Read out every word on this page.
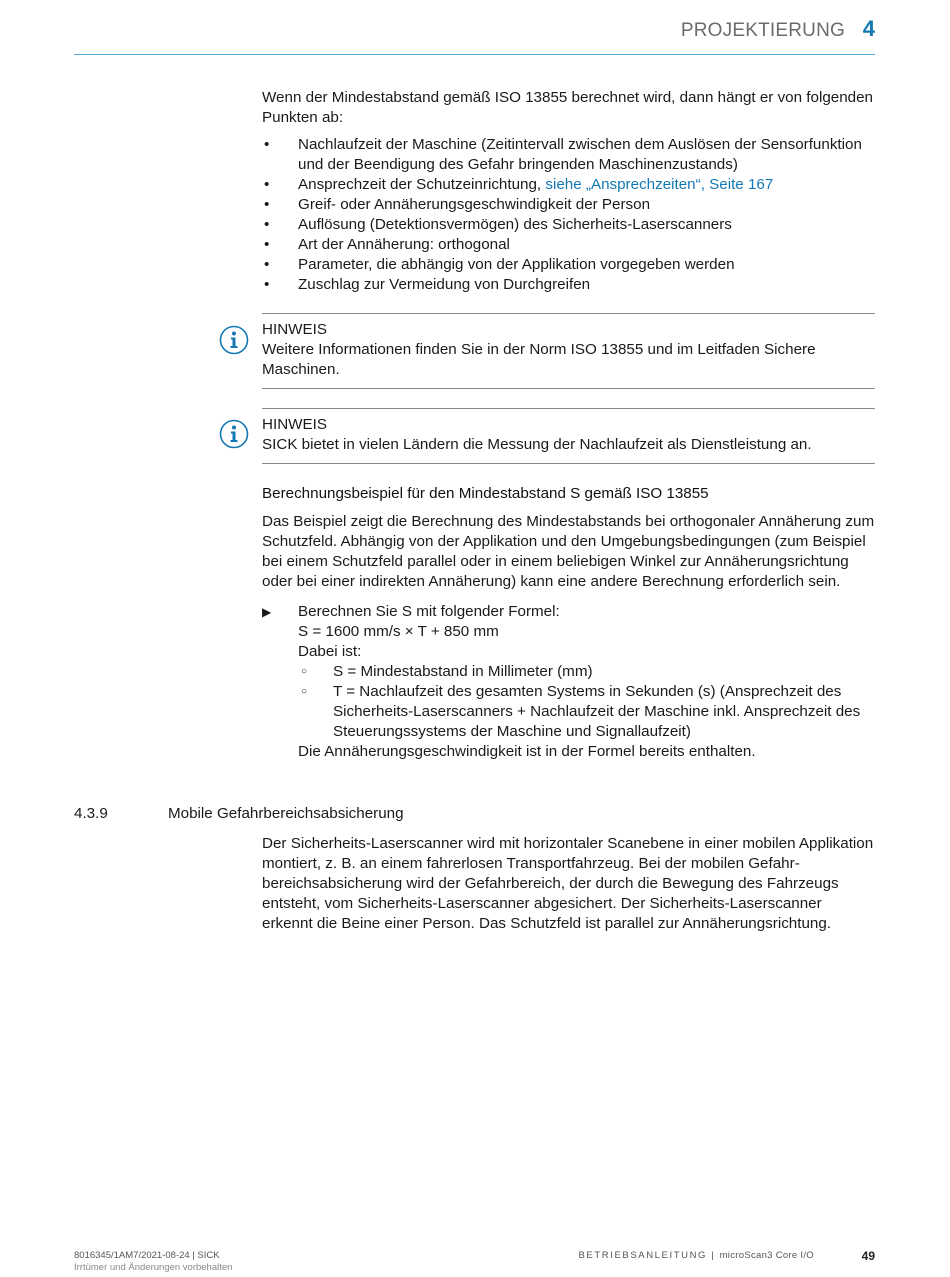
PROJEKTIERUNG 4

Wenn der Mindestabstand gemäß ISO 13855 berechnet wird, dann hängt er von folgenden Punkten ab:

• Nachlaufzeit der Maschine (Zeitintervall zwischen dem Auslösen der Sensorfunktion und der Beendigung des Gefahr bringenden Maschinenzustands)
• Ansprechzeit der Schutzeinrichtung, siehe „Ansprechzeiten“, Seite 167
• Greif- oder Annäherungsgeschwindigkeit der Person
• Auflösung (Detektionsvermögen) des Sicherheits-Laserscanners
• Art der Annäherung: orthogonal
• Parameter, die abhängig von der Applikation vorgegeben werden
• Zuschlag zur Vermeidung von Durchgreifen
HINWEIS
Weitere Informationen finden Sie in der Norm ISO 13855 und im Leitfaden Sichere Maschinen.
HINWEIS
SICK bietet in vielen Ländern die Messung der Nachlaufzeit als Dienstleistung an.

Berechnungsbeispiel für den Mindestabstand S gemäß ISO 13855

Das Beispiel zeigt die Berechnung des Mindestabstands bei orthogonaler Annäherung zum Schutzfeld. Abhängig von der Applikation und den Umgebungsbedingungen (zum Beispiel bei einem Schutzfeld parallel oder in einem beliebigen Winkel zur Annäherungsrichtung oder bei einer indirekten Annäherung) kann eine andere Berechnung erforderlich sein.

▶ Berechnen Sie S mit folgender Formel:
S = 1600 mm/s × T + 850 mm
Dabei ist:
○ S = Mindestabstand in Millimeter (mm)
○ T = Nachlaufzeit des gesamten Systems in Sekunden (s) (Ansprechzeit des Sicherheits-Laserscanners + Nachlaufzeit der Maschine inkl. Ansprechzeit des Steuerungssystems der Maschine und Signallaufzeit)
Die Annäherungsgeschwindigkeit ist in der Formel bereits enthalten.
4.3.9	Mobile Gefahrbereichsabsicherung

Der Sicherheits-Laserscanner wird mit horizontaler Scanebene in einer mobilen Applikation montiert, z. B. an einem fahrerlosen Transportfahrzeug. Bei der mobilen Gefahrbereichsabsicherung wird der Gefahrbereich, der durch die Bewegung des Fahrzeugs entsteht, vom Sicherheits-Laserscanner abgesichert. Der Sicherheits-Laserscanner erkennt die Beine einer Person. Das Schutzfeld ist parallel zur Annäherungsrichtung.

8016345/1AM7/2021-08-24 | SICK
Irrtümer und Änderungen vorbehalten
BETRIEBSANLEITUNG | microScan3 Core I/O	49
